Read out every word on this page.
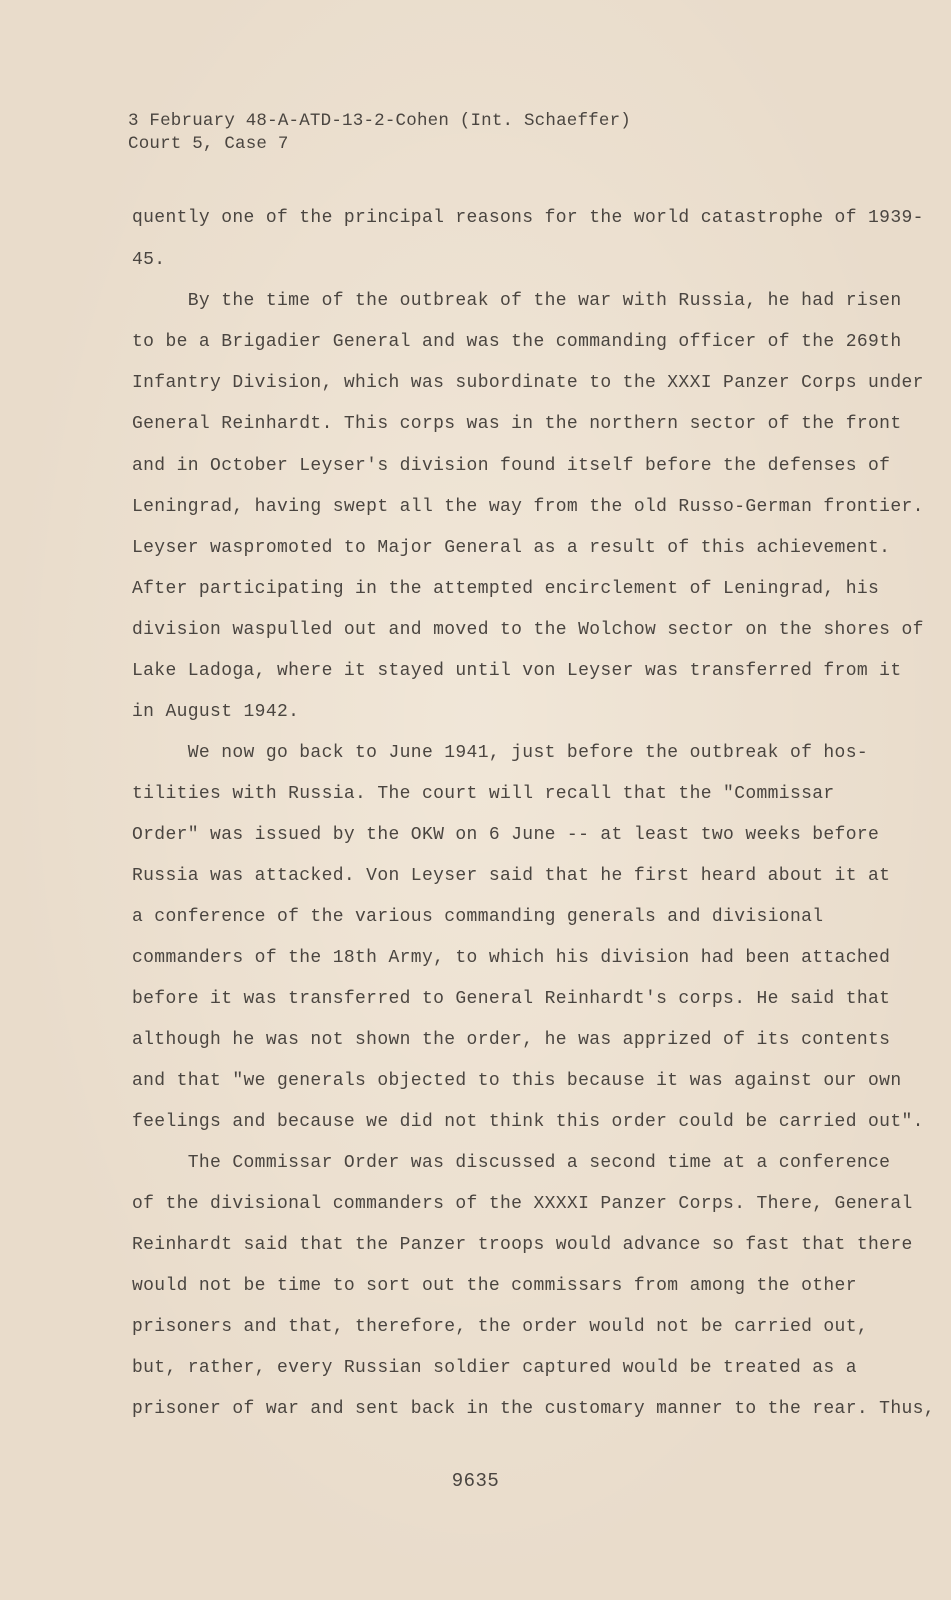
3 February 48-A-ATD-13-2-Cohen (Int. Schaeffer)
Court 5, Case 7
quently one of the principal reasons for the world catastrophe of 1939-
45.
By the time of the outbreak of the war with Russia, he had risen
to be a Brigadier General and was the commanding officer of the 269th
Infantry Division, which was subordinate to the XXXI Panzer Corps under
General Reinhardt. This corps was in the northern sector of the front
and in October Leyser's division found itself before the defenses of
Leningrad, having swept all the way from the old Russo-German frontier.
Leyser waspromoted to Major General as a result of this achievement.
After participating in the attempted encirclement of Leningrad, his
division waspulled out and moved to the Wolchow sector on the shores of
Lake Ladoga, where it stayed until von Leyser was transferred from it
in August 1942.
We now go back to June 1941, just before the outbreak of hos-
tilities with Russia. The court will recall that the "Commissar
Order" was issued by the OKW on 6 June -- at least two weeks before
Russia was attacked. Von Leyser said that he first heard about it at
a conference of the various commanding generals and divisional
commanders of the 18th Army, to which his division had been attached
before it was transferred to General Reinhardt's corps. He said that
although he was not shown the order, he was apprized of its contents
and that "we generals objected to this because it was against our own
feelings and because we did not think this order could be carried out".
The Commissar Order was discussed a second time at a conference
of the divisional commanders of the XXXXI Panzer Corps. There, General
Reinhardt said that the Panzer troops would advance so fast that there
would not be time to sort out the commissars from among the other
prisoners and that, therefore, the order would not be carried out,
but, rather, every Russian soldier captured would be treated as a
prisoner of war and sent back in the customary manner to the rear. Thus,
9635
